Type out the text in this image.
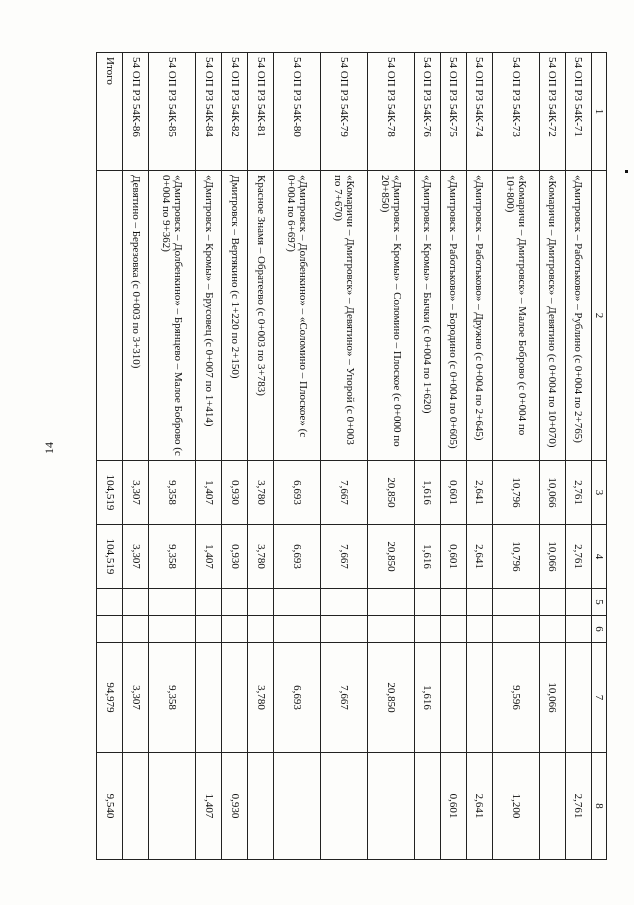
14
1	2	3	4	5	6	7	8
54 ОП РЗ 54К-71	«Дмитровск – Работьково» – Рублино (с 0+004 по 2+765)	2,761	2,761				2,761
54 ОП РЗ 54К-72	«Комаричи – Дмитровск» – Девятино (с 0+004 по 10+070)	10,066	10,066			10,066	
54 ОП РЗ 54К-73	«Комаричи – Дмитровск» – Малое Боброво (с 0+004 по 10+800)	10,796	10,796			9,596	1,200
54 ОП РЗ 54К-74	«Дмитровск – Работьково» – Дружно (с 0+004 по 2+645)	2,641	2,641				2,641
54 ОП РЗ 54К-75	«Дмитровск – Работьково» – Бородино (с 0+004 по 0+605)	0,601	0,601				0,601
54 ОП РЗ 54К-76	«Дмитровск – Кромы» – Бычки (с 0+004 по 1+620)	1,616	1,616			1,616	
54 ОП РЗ 54К-78	«Дмитровск – Кромы» – Соломино – Плоское (с 0+000 по 20+850)	20,850	20,850			20,850	
54 ОП РЗ 54К-79	«Комаричи – Дмитровск» – Девятино» – Упорой (с 0+003 по 7+670)	7,667	7,667			7,667	
54 ОП РЗ 54К-80	«Дмитровск – Долбенкино» – «Соломино – Плоское» (с 0+004 по 6+697)	6,693	6,693			6,693	
54 ОП РЗ 54К-81	Красное Знамя – Обратеево (с 0+003 по 3+783)	3,780	3,780			3,780	
54 ОП РЗ 54К-82	Дмитровск – Вертякино (с 1+220 по 2+150)	0,930	0,930				0,930
54 ОП РЗ 54К-84	«Дмитровск – Кромы» – Брусовец (с 0+007 по 1+414)	1,407	1,407				1,407
54 ОП РЗ 54К-85	«Дмитровск – Долбенкино» – Брянцево – Малое Боброво (с 0+004 по 9+362)	9,358	9,358			9,358	
54 ОП РЗ 54К-86	Девятино – Березовка (с 0+003 по 3+310)	3,307	3,307			3,307	
Итого		104,519	104,519			94,979	9,540
